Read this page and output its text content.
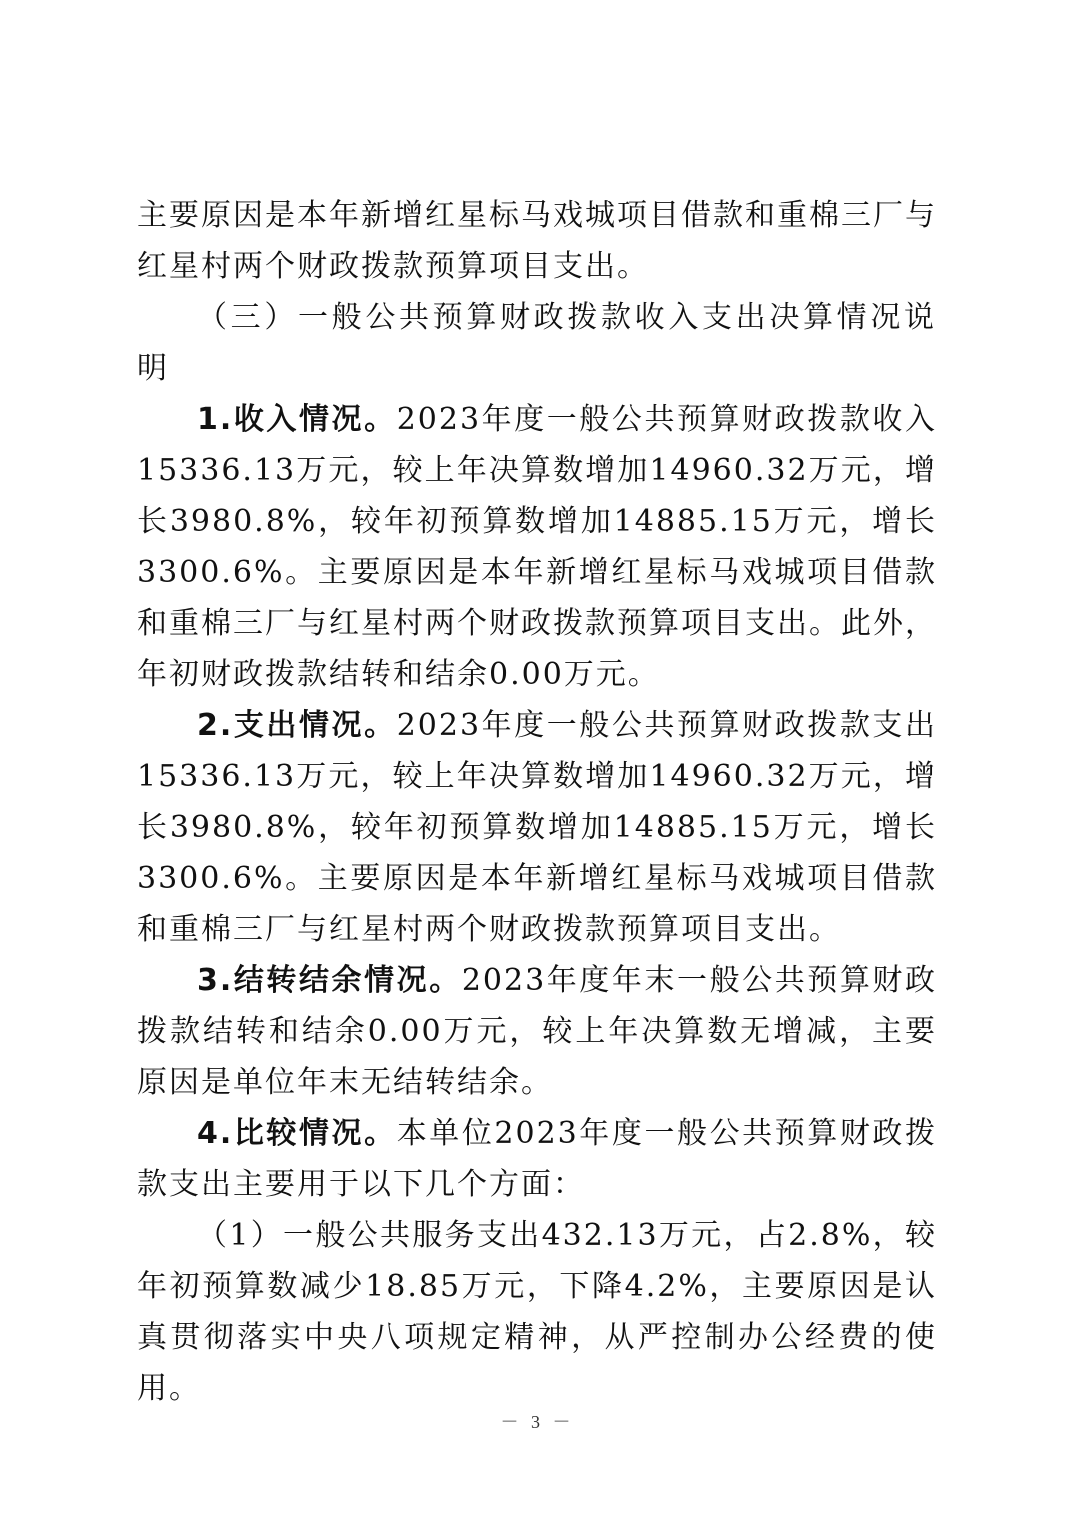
主要原因是本年新增红星标马戏城项目借款和重棉三厂与红星村两个财政拨款预算项目支出。

（三）一般公共预算财政拨款收入支出决算情况说明

1.收入情况。2023年度一般公共预算财政拨款收入15336.13万元，较上年决算数增加14960.32万元，增长3980.8%，较年初预算数增加14885.15万元，增长3300.6%。主要原因是本年新增红星标马戏城项目借款和重棉三厂与红星村两个财政拨款预算项目支出。此外，年初财政拨款结转和结余0.00万元。

2.支出情况。2023年度一般公共预算财政拨款支出15336.13万元，较上年决算数增加14960.32万元，增长3980.8%，较年初预算数增加14885.15万元，增长3300.6%。主要原因是本年新增红星标马戏城项目借款和重棉三厂与红星村两个财政拨款预算项目支出。

3.结转结余情况。2023年度年末一般公共预算财政拨款结转和结余0.00万元，较上年决算数无增减，主要原因是单位年末无结转结余。

4.比较情况。本单位2023年度一般公共预算财政拨款支出主要用于以下几个方面：

（1）一般公共服务支出432.13万元，占2.8%，较年初预算数减少18.85万元，下降4.2%，主要原因是认真贯彻落实中央八项规定精神，从严控制办公经费的使用。

－ 3 －
